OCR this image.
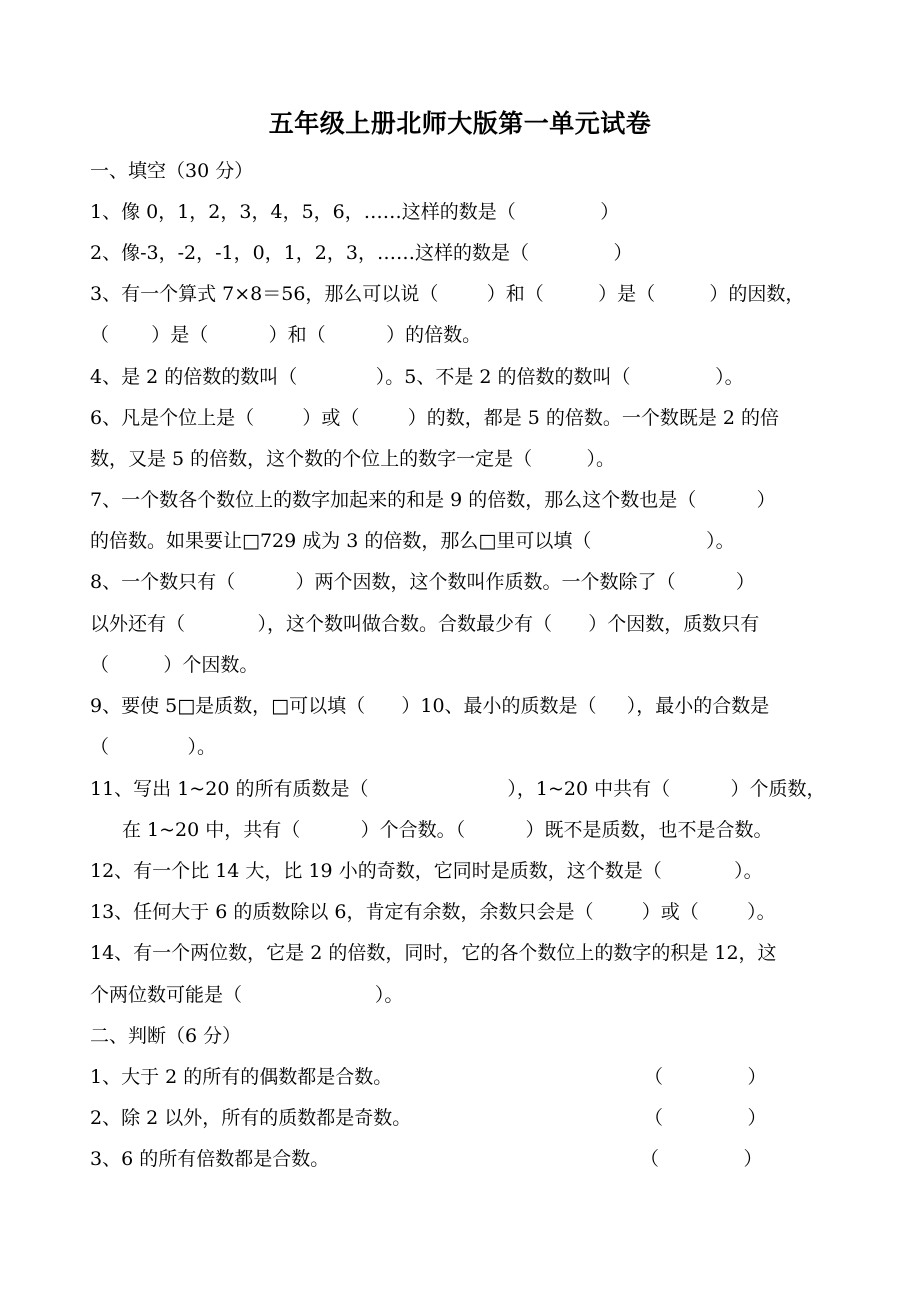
五年级上册北师大版第一单元试卷
一、填空（30 分）
1、像 0，1，2，3，4，5，6，……这样的数是（              ）
2、像-3，-2，-1，0，1，2，3，……这样的数是（              ）
3、有一个算式 7×8＝56，那么可以说（        ）和（         ）是（         ）的因数，
（       ）是（          ）和（          ）的倍数。
4、是 2 的倍数的数叫（             ）。5、不是 2 的倍数的数叫（              ）。
6、凡是个位上是（        ）或（        ）的数，都是 5 的倍数。一个数既是 2 的倍
数，又是 5 的倍数，这个数的个位上的数字一定是（         ）。
7、一个数各个数位上的数字加起来的和是 9 的倍数，那么这个数也是（          ）
的倍数。如果要让□729 成为 3 的倍数，那么□里可以填（                   ）。
8、一个数只有（          ）两个因数，这个数叫作质数。一个数除了（          ）
以外还有（            ），这个数叫做合数。合数最少有（      ）个因数，质数只有
（         ）个因数。
9、要使 5□是质数，□可以填（      ）10、最小的质数是（     ），最小的合数是
（             ）。
11、写出 1~20 的所有质数是（                       ），1~20 中共有（          ）个质数，
在 1~20 中，共有（          ）个合数。（          ）既不是质数，也不是合数。
12、有一个比 14 大，比 19 小的奇数，它同时是质数，这个数是（            ）。
13、任何大于 6 的质数除以 6，肯定有余数，余数只会是（        ）或（        ）。
14、有一个两位数，它是 2 的倍数，同时，它的各个数位上的数字的积是 12，这
个两位数可能是（                      ）。
二、判断（6 分）
1、大于 2 的所有的偶数都是合数。	（              ）
2、除 2 以外，所有的质数都是奇数。	（              ）
3、6 的所有倍数都是合数。	（              ）
